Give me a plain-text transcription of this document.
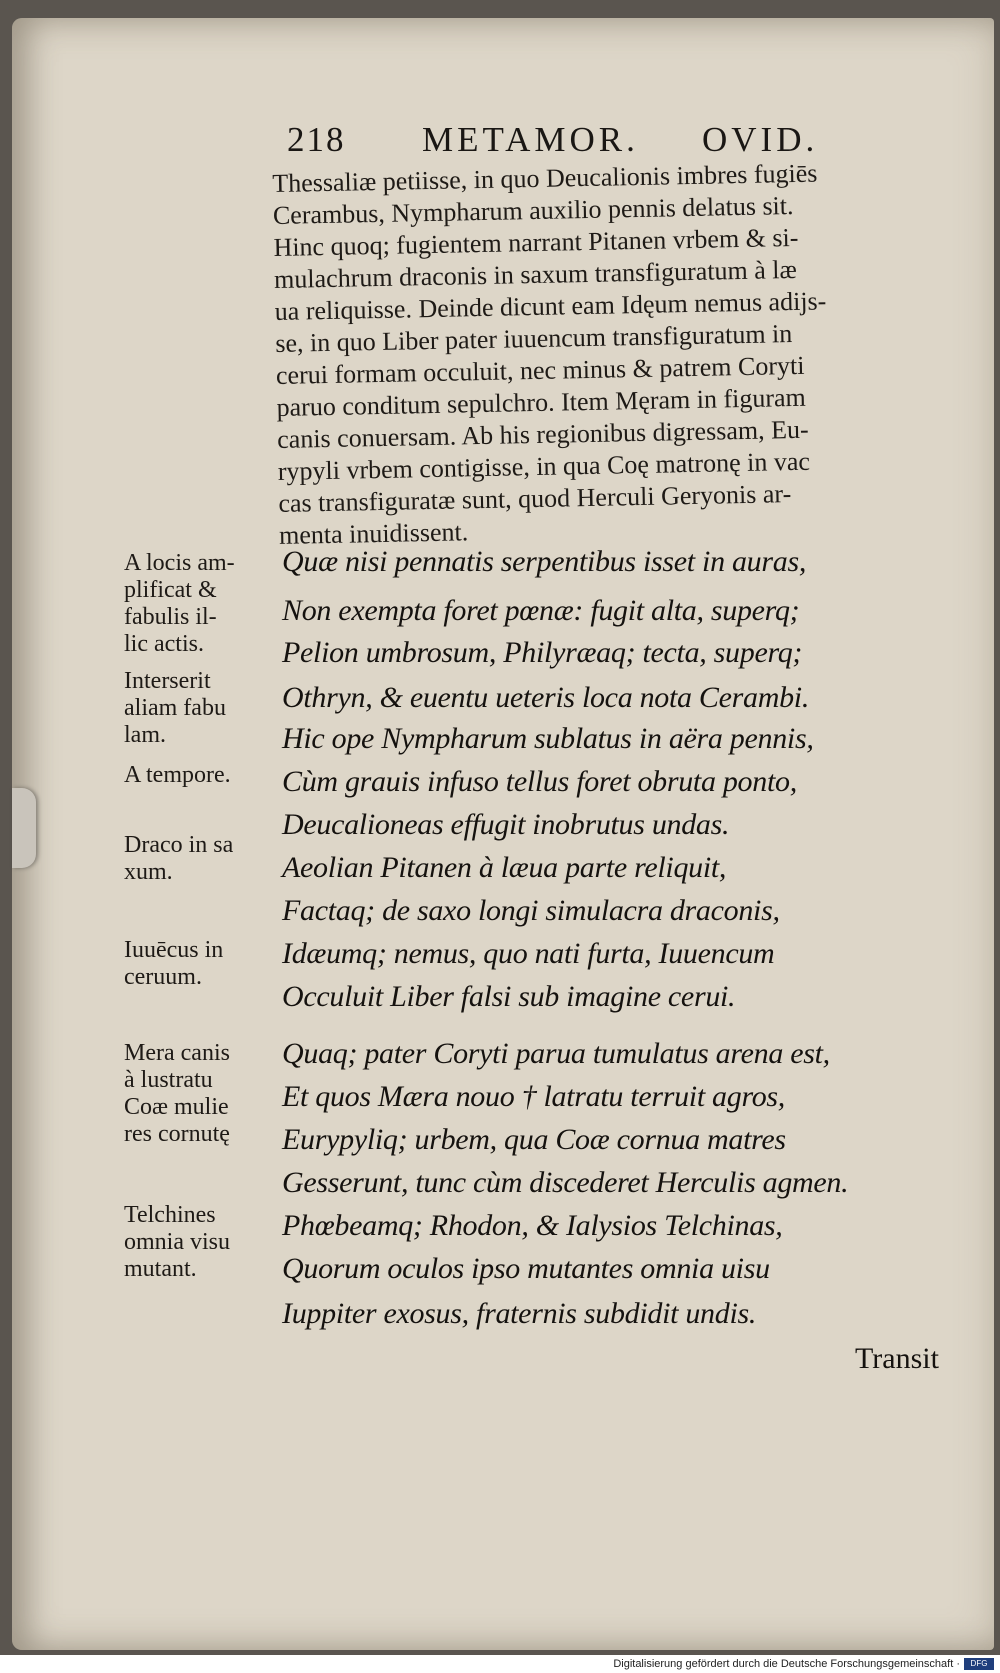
218 METAMOR. OVID.
Thessaliæ petiisse, in quo Deucalionis imbres fugiēs
Cerambus, Nympharum auxilio pennis delatus sit.
Hinc quoq; fugientem narrant Pitanen vrbem & si-
mulachrum draconis in saxum transfiguratum à læ
ua reliquisse. Deinde dicunt eam Idęum nemus adijs-
se, in quo Liber pater iuuencum transfiguratum in
cerui formam occuluit, nec minus & patrem Coryti
paruo conditum sepulchro. Item Męram in figuram
canis conuersam. Ab his regionibus digressam, Eu-
rypyli vrbem contigisse, in qua Coę matronę in vac
cas transfiguratæ sunt, quod Herculi Geryonis ar-
menta inuidissent.
Quæ nisi pennatis serpentibus isset in auras,
Non exempta foret pœnæ: fugit alta, superq;
Pelion umbrosum, Philyræaq; tecta, superq;
Othryn, & euentu ueteris loca nota Cerambi.
Hic ope Nympharum sublatus in aëra pennis,
Cùm grauis infuso tellus foret obruta ponto,
Deucalioneas effugit inobrutus undas.
Aeolian Pitanen à læua parte reliquit,
Factaq; de saxo longi simulacra draconis,
Idæumq; nemus, quo nati furta, Iuuencum
Occuluit Liber falsi sub imagine cerui.
Quaq; pater Coryti parua tumulatus arena est,
Et quos Mæra nouo † latratu terruit agros,
Eurypyliq; urbem, qua Coæ cornua matres
Gesserunt, tunc cùm discederet Herculis agmen.
Phœbeamq; Rhodon, & Ialysios Telchinas,
Quorum oculos ipso mutantes omnia uisu
Iuppiter exosus, fraternis subdidit undis.
A locis am-
plificat &
fabulis il-
lic actis.
Interserit
aliam fabu
lam.
A tempore.
Draco in sa
xum.
Iuuēcus in
ceruum.
Mera canis
à lustratu
Coæ mulie
res cornutę
Telchines
omnia visu
mutant.
Transit
Digitalisierung gefördert durch die Deutsche Forschungsgemeinschaft ·	DFG
